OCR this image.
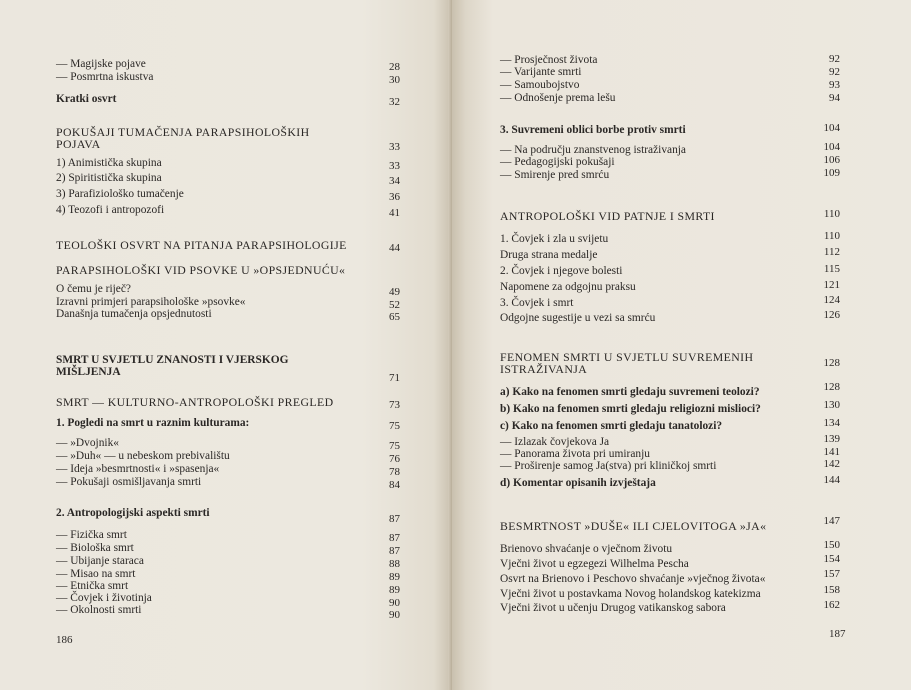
— Magijske pojave	28
— Posmrtna iskustva	30
Kratki osvrt	32
POKUŠAJI TUMAČENJA PARAPSIHOLOŠKIH
POJAVA	33
1) Animistička skupina	33
2) Spiritistička skupina	34
3) Parafiziološko tumačenje	36
4) Teozofi i antropozofi	41
TEOLOŠKI OSVRT NA PITANJA PARAPSIHOLOGIJE	44
PARAPSIHOLOŠKI VID PSOVKE U »OPSJEDNUĆU«
O čemu je riječ?	49
Izravni primjeri parapsihološke »psovke«	52
Današnja tumačenja opsjednutosti	65
SMRT U SVJETLU ZNANOSTI I VJERSKOG
MIŠLJENJA	71
SMRT — KULTURNO-ANTROPOLOŠKI PREGLED	73
1. Pogledi na smrt u raznim kulturama:	75
— »Dvojnik«	75
— »Duh« — u nebeskom prebivalištu	76
— Ideja »besmrtnosti« i »spasenja«	78
— Pokušaji osmišljavanja smrti	84
2. Antropologijski aspekti smrti	87
— Fizička smrt	87
— Biološka smrt	87
— Ubijanje staraca	88
— Misao na smrt	89
— Etnička smrt	89
— Čovjek i životinja	90
— Okolnosti smrti	90
186
— Prosječnost života	92
— Varijante smrti	92
— Samoubojstvo	93
— Odnošenje prema lešu	94
3. Suvremeni oblici borbe protiv smrti	104
— Na području znanstvenog istraživanja	104
— Pedagogijski pokušaji	106
— Smirenje pred smrću	109
ANTROPOLOŠKI VID PATNJE I SMRTI	110
1. Čovjek i zla u svijetu	110
Druga strana medalje	112
2. Čovjek i njegove bolesti	115
Napomene za odgojnu praksu	121
3. Čovjek i smrt	124
Odgojne sugestije u vezi sa smrću	126
FENOMEN SMRTI U SVJETLU SUVREMENIH
ISTRAŽIVANJA	128
a) Kako na fenomen smrti gledaju suvremeni teolozi?	128
b) Kako na fenomen smrti gledaju religiozni mislioci?	130
c) Kako na fenomen smrti gledaju tanatolozi?	134
— Izlazak čovjekova Ja	139
— Panorama života pri umiranju	141
— Proširenje samog Ja(stva) pri kliničkoj smrti	142
d) Komentar opisanih izvještaja	144
BESMRTNOST »DUŠE« ILI CJELOVITOGA »JA«	147
Brienovo shvaćanje o vječnom životu	150
Vječni život u egzegezi Wilhelma Pescha	154
Osvrt na Brienovo i Peschovo shvaćanje »vječnog života«	157
Vječni život u postavkama Novog holandskog katekizma	158
Vječni život u učenju Drugog vatikanskog sabora	162
187
